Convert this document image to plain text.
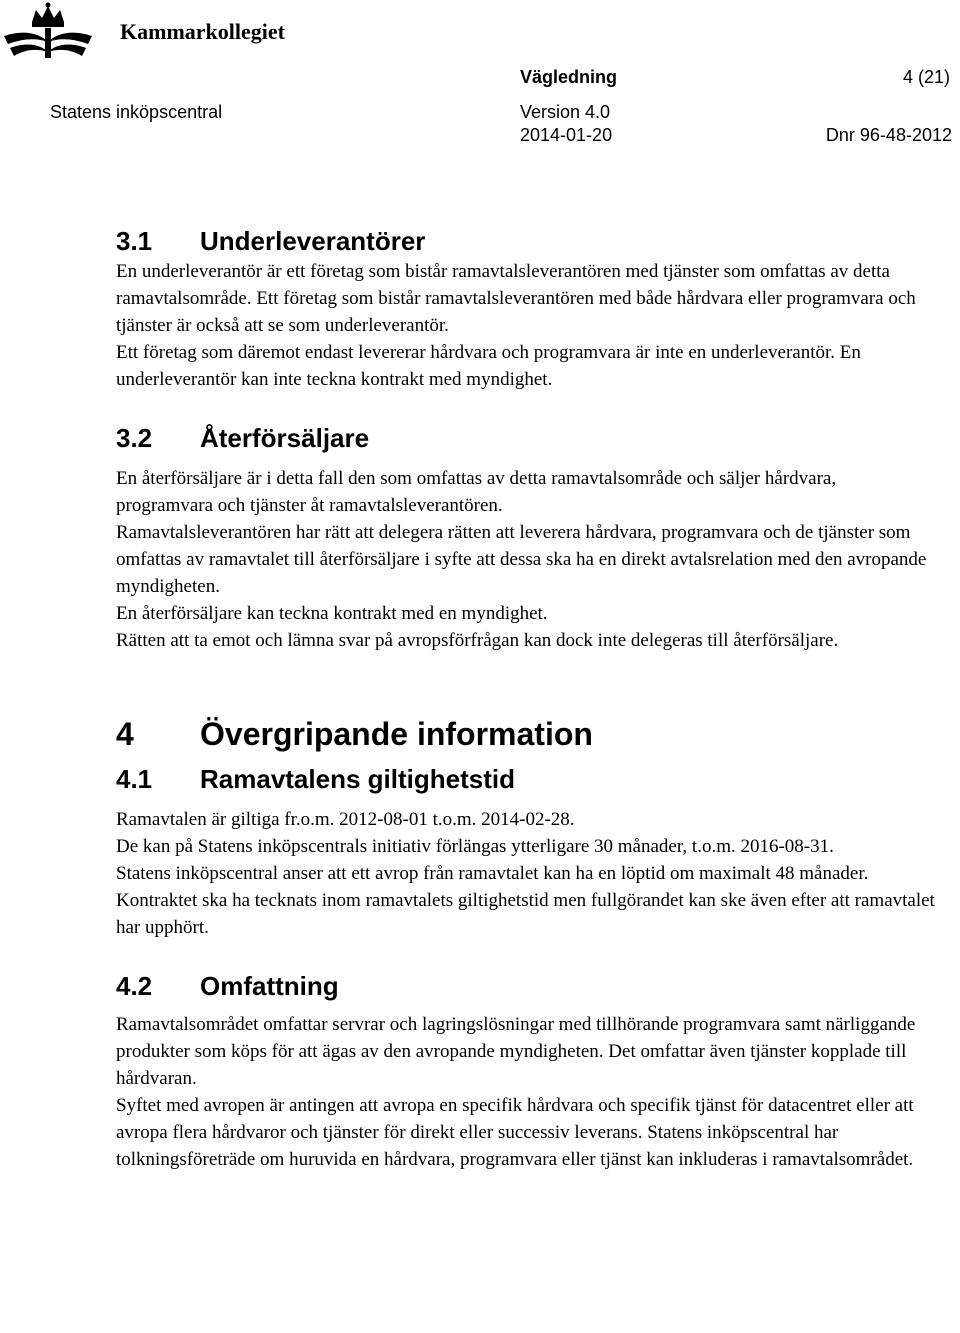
Kammarkollegiet
Vägledning	4 (21)
Statens inköpscentral	Version 4.0
2014-01-20	Dnr 96-48-2012
3.1 Underleverantörer

En underleverantör är ett företag som bistår ramavtalsleverantören med tjänster som omfattas av detta ramavtalsområde. Ett företag som bistår ramavtalsleverantören med både hårdvara eller programvara och tjänster är också att se som underleverantör.

Ett företag som däremot endast levererar hårdvara och programvara är inte en underleverantör. En underleverantör kan inte teckna kontrakt med myndighet.

3.2 Återförsäljare

En återförsäljare är i detta fall den som omfattas av detta ramavtalsområde och säljer hårdvara, programvara och tjänster åt ramavtalsleverantören.

Ramavtalsleverantören har rätt att delegera rätten att leverera hårdvara, programvara och de tjänster som omfattas av ramavtalet till återförsäljare i syfte att dessa ska ha en direkt avtalsrelation med den avropande myndigheten.

En återförsäljare kan teckna kontrakt med en myndighet.

Rätten att ta emot och lämna svar på avropsförfrågan kan dock inte delegeras till återförsäljare.

4 Övergripande information
4.1 Ramavtalens giltighetstid

Ramavtalen är giltiga fr.o.m. 2012-08-01 t.o.m. 2014-02-28.

De kan på Statens inköpscentrals initiativ förlängas ytterligare 30 månader, t.o.m. 2016-08-31.

Statens inköpscentral anser att ett avrop från ramavtalet kan ha en löptid om maximalt 48 månader. Kontraktet ska ha tecknats inom ramavtalets giltighetstid men fullgörandet kan ske även efter att ramavtalet har upphört.

4.2 Omfattning

Ramavtalsområdet omfattar servrar och lagringslösningar med tillhörande programvara samt närliggande produkter som köps för att ägas av den avropande myndigheten. Det omfattar även tjänster kopplade till hårdvaran.

Syftet med avropen är antingen att avropa en specifik hårdvara och specifik tjänst för datacentret eller att avropa flera hårdvaror och tjänster för direkt eller successiv leverans. Statens inköpscentral har tolkningsföreträde om huruvida en hårdvara, programvara eller tjänst kan inkluderas i ramavtalsområdet.
